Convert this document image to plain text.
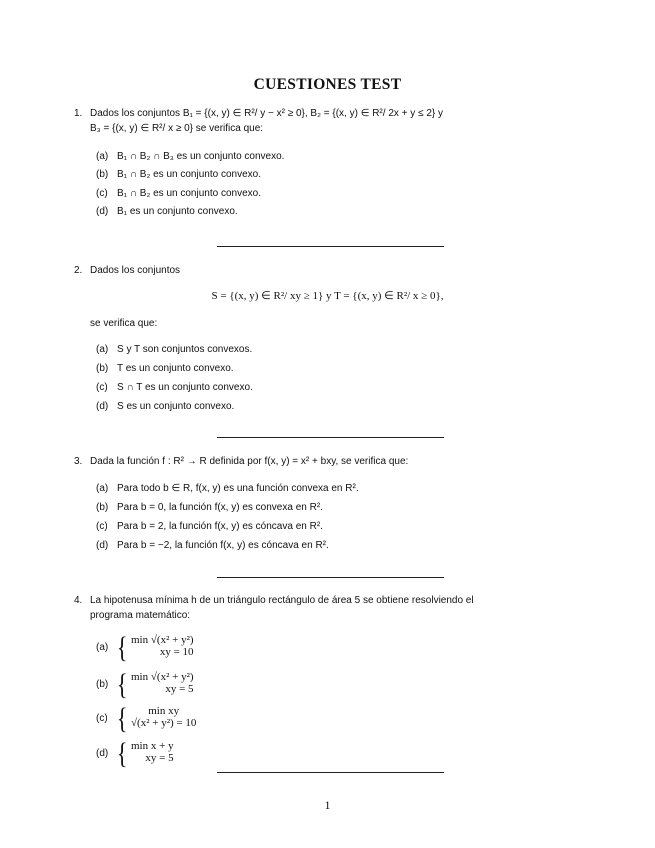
CUESTIONES TEST
1. Dados los conjuntos B₁ = {(x, y) ∈ R²/ y − x² ≥ 0}, B₂ = {(x, y) ∈ R²/ 2x + y ≤ 2} y
B₃ = {(x, y) ∈ R²/ x ≥ 0} se verifica que:
(a) B₁ ∩ B₂ ∩ B₃ es un conjunto convexo.
(b) B₁ ∩ B₂ es un conjunto convexo.
(c) B₁ ∩ B₂ es un conjunto convexo.
(d) B₁ es un conjunto convexo.
2. Dados los conjuntos
S = {(x, y) ∈ R²/ xy ≥ 1} y T = {(x, y) ∈ R²/ x ≥ 0},
se verifica que:
(a) S y T son conjuntos convexos.
(b) T es un conjunto convexo.
(c) S ∩ T es un conjunto convexo.
(d) S es un conjunto convexo.
3. Dada la función f : R² → R definida por f(x, y) = x² + bxy, se verifica que:
(a) Para todo b ∈ R, f(x, y) es una función convexa en R².
(b) Para b = 0, la función f(x, y) es convexa en R².
(c) Para b = 2, la función f(x, y) es cóncava en R².
(d) Para b = −2, la función f(x, y) es cóncava en R².
4. La hipotenusa mínima h de un triángulo rectángulo de área 5 se obtiene resolviendo el
programa matemático:
(a) { min √(x² + y²)
xy = 10
(b) { min √(x² + y²)
xy = 5
(c) {	min xy
√(x² + y²) = 10
(d) { min x + y
xy = 5
1
